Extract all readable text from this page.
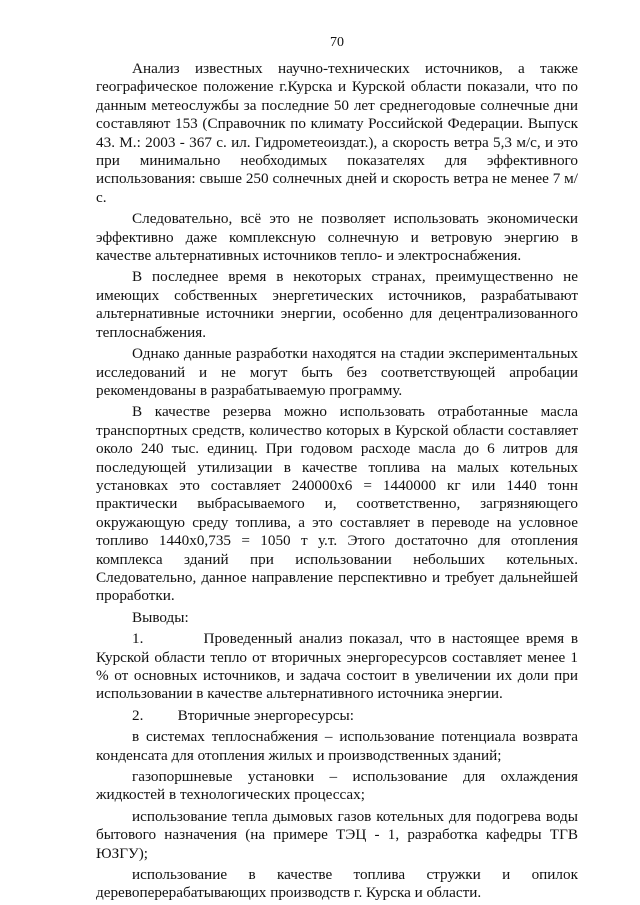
70

Анализ известных научно-технических источников, а также географическое положение г.Курска и Курской области показали, что по данным метеослужбы за последние 50 лет среднегодовые солнечные дни составляют 153 (Справочник по климату Российской Федерации. Выпуск 43. М.: 2003 - 367 с. ил. Гидрометеоиздат.), а скорость ветра 5,3 м/с, и это при минимально необходимых показателях для эффективного использования: свыше 250 солнечных дней и скорость ветра не менее 7 м/с.

Следовательно, всё это не позволяет использовать экономически эффективно даже комплексную солнечную и ветровую энергию в качестве альтернативных источников тепло- и электроснабжения.

В последнее время в некоторых странах, преимущественно не имеющих собственных энергетических источников, разрабатывают альтернативные источники энергии, особенно для децентрализованного теплоснабжения.

Однако данные разработки находятся на стадии экспериментальных исследований и не могут быть без соответствующей апробации рекомендованы в разрабатываемую программу.

В качестве резерва можно использовать отработанные масла транспортных средств, количество которых в Курской области составляет около 240 тыс. единиц. При годовом расходе масла до 6 литров для последующей утилизации в качестве топлива на малых котельных установках это составляет 240000х6 = 1440000 кг или 1440 тонн практически выбрасываемого и, соответственно, загрязняющего окружающую среду топлива, а это составляет в переводе на условное топливо 1440х0,735 = 1050 т у.т. Этого достаточно для отопления комплекса зданий при использовании небольших котельных. Следовательно, данное направление перспективно и требует дальнейшей проработки.

Выводы:

1.	Проведенный анализ показал, что в настоящее время в Курской области тепло от вторичных энергоресурсов составляет менее 1 % от основных источников, и задача состоит в увеличении их доли при использовании в качестве альтернативного источника энергии.

2. Вторичные энергоресурсы:

в системах теплоснабжения – использование потенциала возврата конденсата для отопления жилых и производственных зданий;

газопоршневые установки – использование для охлаждения жидкостей в технологических процессах;

использование тепла дымовых газов котельных для подогрева воды бытового назначения (на примере ТЭЦ - 1, разработка кафедры ТГВ ЮЗГУ);

использование в качестве топлива стружки и опилок деревоперерабатывающих производств г. Курска и области.
